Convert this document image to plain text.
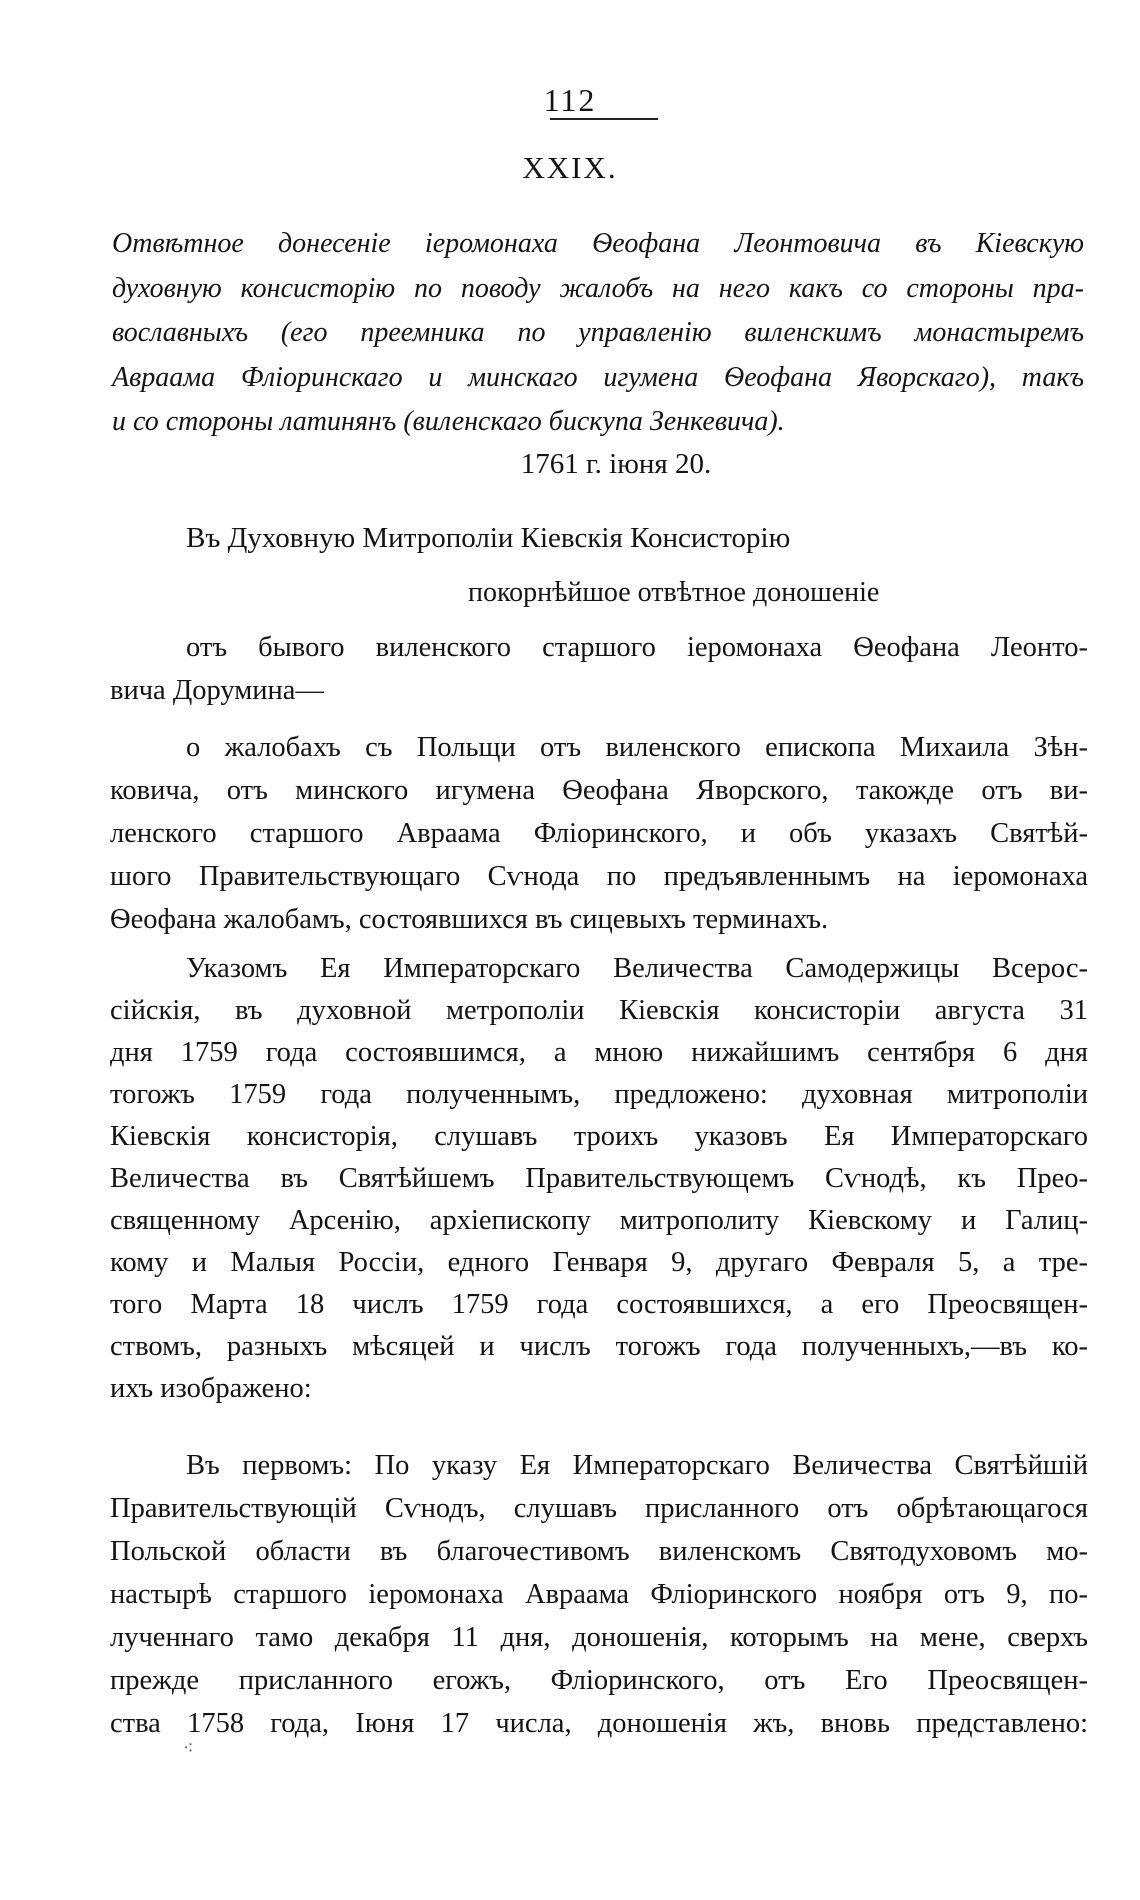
112
XXIX.
Отвѣтное донесеніе іеромонаха Ѳеофана Леонтовича въ Кіевскую
духовную консисторію по поводу жалобъ на него какъ со стороны пра-
вославныхъ (его преемника по управленію виленскимъ монастыремъ
Авраама Фліоринскаго и минскаго игумена Ѳеофана Яворскаго), такъ
и со стороны латинянъ (виленскаго бискупа Зенкевича).
1761 г. іюня 20.
Въ Духовную Митрополіи Кіевскія Консисторію
покорнѣйшое отвѣтное доношеніе
отъ бывого виленского старшого іеромонаха Ѳеофана Леонто-
вича Дорумина—
о жалобахъ съ Польщи отъ виленского епископа Михаила Зѣн-
ковича, отъ минского игумена Ѳеофана Яворского, такожде отъ ви-
ленского старшого Авраама Фліоринского, и объ указахъ Святѣй-
шого Правительствующаго Сѵнода по предъявленнымъ на іеромонаха
Ѳеофана жалобамъ, состоявшихся въ сицевыхъ терминахъ.
Указомъ Ея Императорскаго Величества Самодержицы Всерос-
сійскія, въ духовной метрополіи Кіевскія консисторіи августа 31
дня 1759 года состоявшимся, а мною нижайшимъ сентября 6 дня
тогожъ 1759 года полученнымъ, предложено: духовная митрополіи
Кіевскія консисторія, слушавъ троихъ указовъ Ея Императорскаго
Величества въ Святѣйшемъ Правительствующемъ Сѵнодѣ, къ Прео-
священному Арсенію, архіепископу митрополиту Кіевскому и Галиц-
кому и Малыя Россіи, едного Генваря 9, другаго Февраля 5, а тре-
тогo Марта 18 числъ 1759 года состоявшихся, а его Преосвящен-
ствомъ, разныхъ мѣсяцей и числъ тогожъ года полученныхъ,—въ ко-
ихъ изображено:
Въ первомъ: По указу Ея Императорскаго Величества Святѣйшій
Правительствующій Сѵнодъ, слушавъ присланного отъ обрѣтающагося
Польской области въ благочестивомъ виленскомъ Святодуховомъ мо-
настырѣ старшого іеромонаха Авраама Фліоринского ноября отъ 9, по-
лученнаго тамо декабря 11 дня, доношенія, которымъ на мене, сверхъ
прежде присланного егожъ, Фліоринского, отъ Его Преосвящен-
ства 1758 года, Іюня 17 числа, доношенія жъ, вновь представлено:
⁖
